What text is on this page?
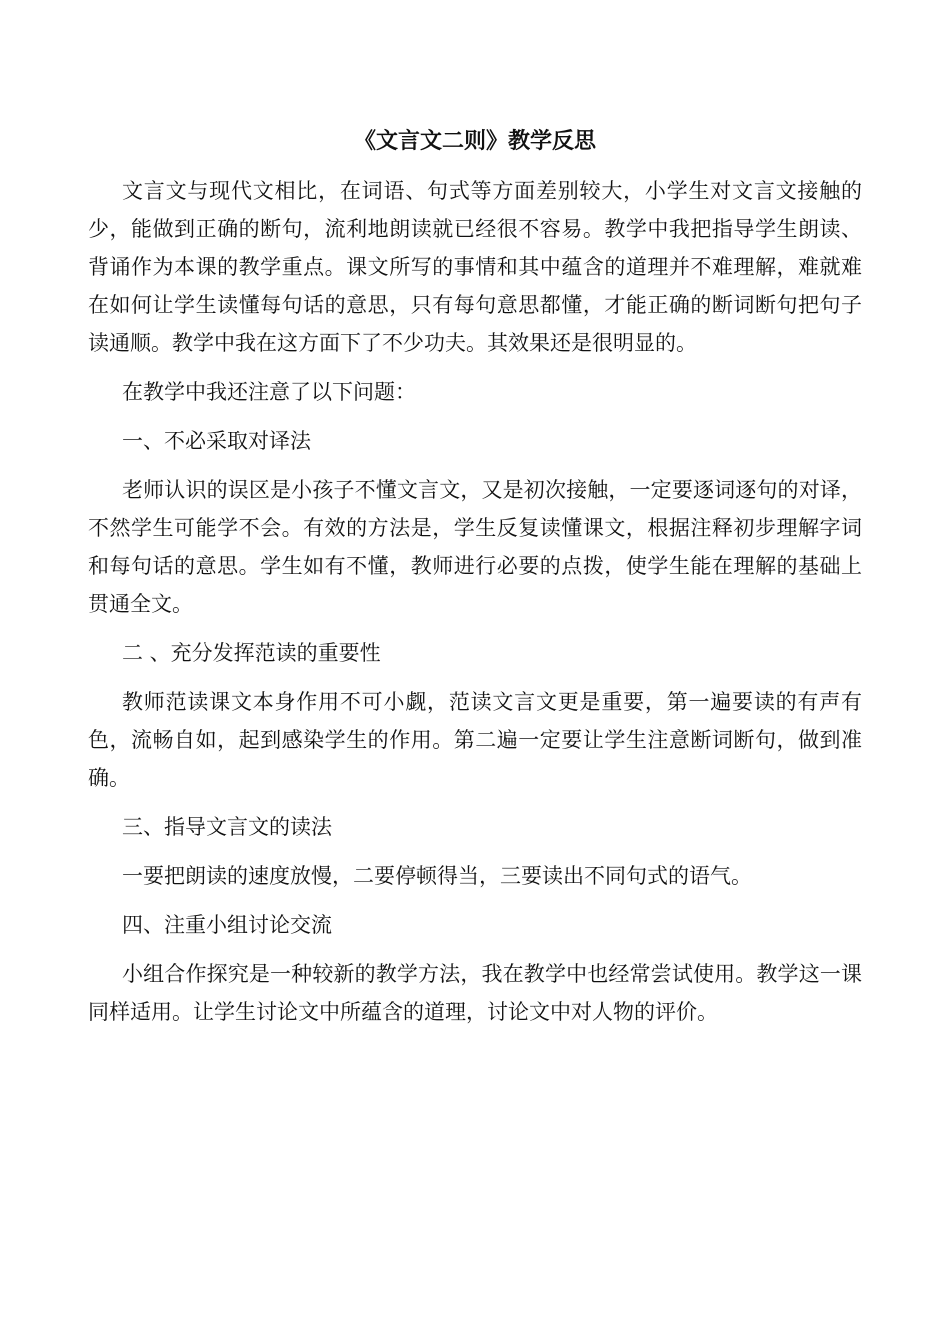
《文言文二则》教学反思

文言文与现代文相比，在词语、句式等方面差别较大，小学生对文言文接触的少，能做到正确的断句，流利地朗读就已经很不容易。教学中我把指导学生朗读、背诵作为本课的教学重点。课文所写的事情和其中蕴含的道理并不难理解，难就难在如何让学生读懂每句话的意思，只有每句意思都懂，才能正确的断词断句把句子读通顺。教学中我在这方面下了不少功夫。其效果还是很明显的。

在教学中我还注意了以下问题：

一、不必采取对译法

老师认识的误区是小孩子不懂文言文，又是初次接触，一定要逐词逐句的对译，不然学生可能学不会。有效的方法是，学生反复读懂课文，根据注释初步理解字词和每句话的意思。学生如有不懂，教师进行必要的点拨，使学生能在理解的基础上贯通全文。

二 、充分发挥范读的重要性

教师范读课文本身作用不可小觑，范读文言文更是重要，第一遍要读的有声有色，流畅自如，起到感染学生的作用。第二遍一定要让学生注意断词断句，做到准确。

三、指导文言文的读法

一要把朗读的速度放慢，二要停顿得当，三要读出不同句式的语气。

四、注重小组讨论交流

小组合作探究是一种较新的教学方法，我在教学中也经常尝试使用。教学这一课同样适用。让学生讨论文中所蕴含的道理，讨论文中对人物的评价。
